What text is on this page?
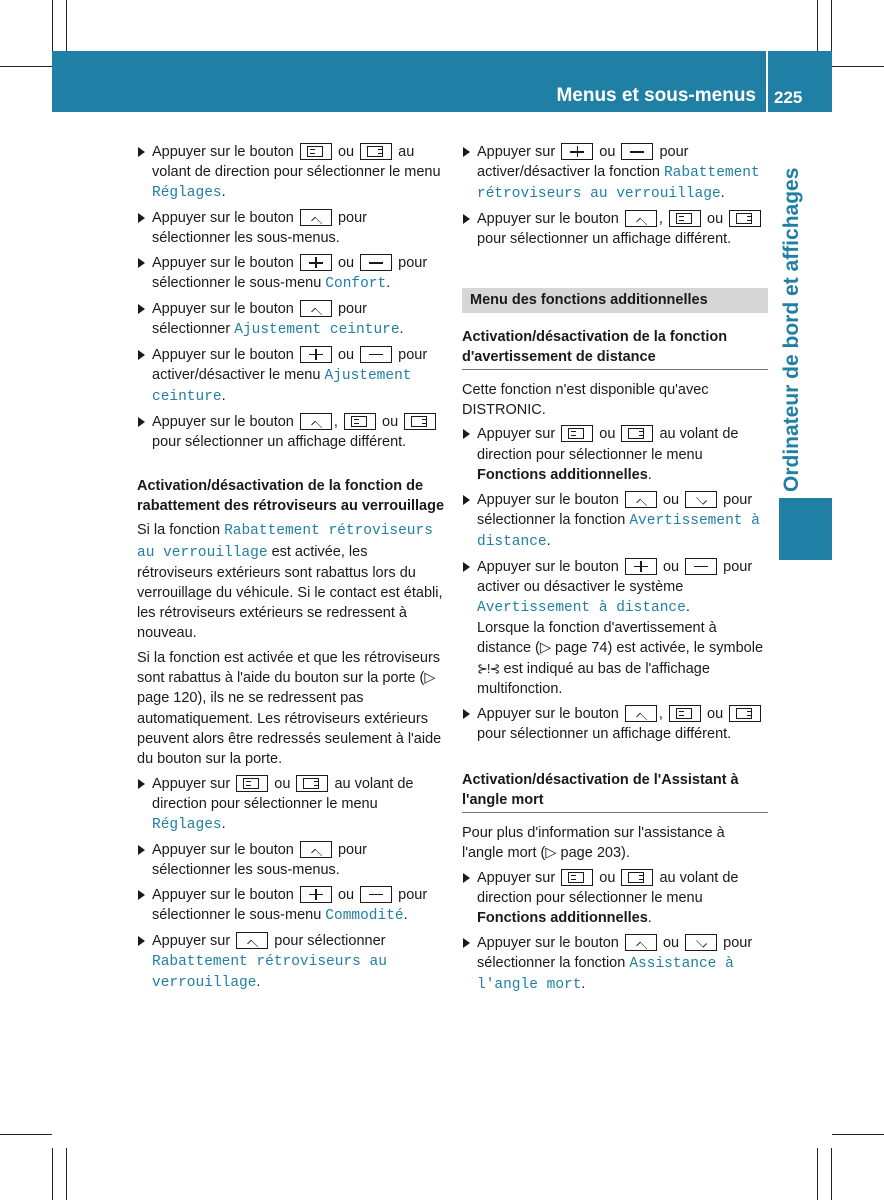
Menus et sous-menus 225
Ordinateur de bord et affichages
Appuyer sur le bouton	ou	au volant de direction pour sélectionner le menu Réglages.
Appuyer sur le bouton	pour sélectionner les sous-menus.
Appuyer sur le bouton	ou	pour sélectionner le sous-menu Confort.
Appuyer sur le bouton	pour sélectionner Ajustement ceinture.
Appuyer sur le bouton	ou	pour activer/désactiver le menu Ajustement ceinture.
Appuyer sur le bouton	,	ou  pour sélectionner un affichage différent.
Activation/désactivation de la fonction de rabattement des rétroviseurs au verrouillage
Si la fonction Rabattement rétroviseurs au verrouillage est activée, les rétroviseurs extérieurs sont rabattus lors du verrouillage du véhicule. Si le contact est établi, les rétroviseurs extérieurs se redressent à nouveau.
Si la fonction est activée et que les rétroviseurs sont rabattus à l'aide du bouton sur la porte (▷ page 120), ils ne se redressent pas automatiquement. Les rétroviseurs extérieurs peuvent alors être redressés seulement à l'aide du bouton sur la porte.
Appuyer sur	ou	au volant de direction pour sélectionner le menu Réglages.
Appuyer sur le bouton	pour sélectionner les sous-menus.
Appuyer sur le bouton	ou	pour sélectionner le sous-menu Commodité.
Appuyer sur	pour sélectionner Rabattement rétroviseurs au verrouillage.
Appuyer sur	ou	pour activer/désactiver la fonction Rabattement rétroviseurs au verrouillage.
Appuyer sur le bouton	,	ou  pour sélectionner un affichage différent.
Menu des fonctions additionnelles
Activation/désactivation de la fonction d'avertissement de distance
Cette fonction n'est disponible qu'avec DISTRONIC.
Appuyer sur	ou	au volant de direction pour sélectionner le menu Fonctions additionnelles.
Appuyer sur le bouton	ou	pour sélectionner la fonction Avertissement à distance.
Appuyer sur le bouton	ou	pour activer ou désactiver le système Avertissement à distance.
Lorsque la fonction d'avertissement à distance (▷ page 74) est activée, le symbole ⊱!⊰ est indiqué au bas de l'affichage multifonction.
Appuyer sur le bouton	,	ou  pour sélectionner un affichage différent.
Activation/désactivation de l'Assistant à l'angle mort
Pour plus d'information sur l'assistance à l'angle mort (▷ page 203).
Appuyer sur	ou	au volant de direction pour sélectionner le menu Fonctions additionnelles.
Appuyer sur le bouton	ou	pour sélectionner la fonction Assistance à l'angle mort.
